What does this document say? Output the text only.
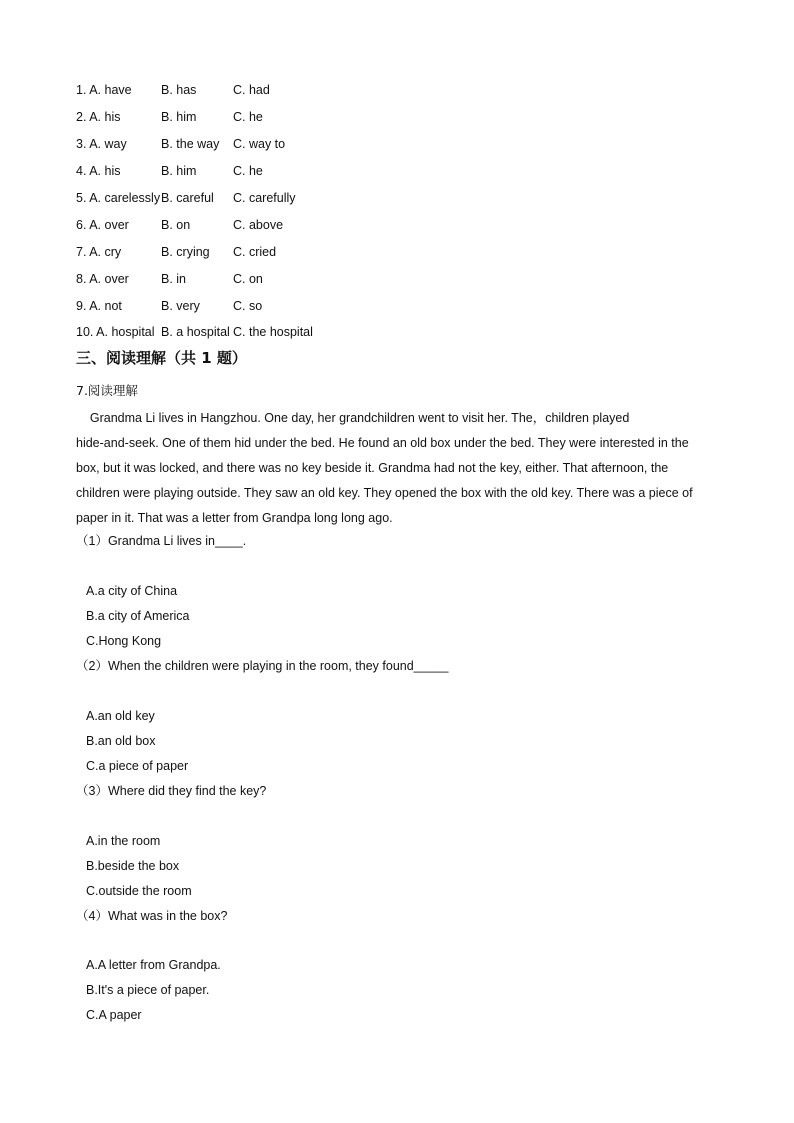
1. A. have B. has	C. had
2. A. his	B. him	C. he
3. A. way	B. the way C. way to
4. A. his	B. him	C. he
5. A. carelessly B. careful C. carefully
6. A. over	B. on	C. above
7. A. cry	B. crying C. cried
8. A. over	B. in	C. on
9. A. not	B. very	C. so
10. A. hospital B. a hospital C. the hospital
三、阅读理解（共 1 题）
7.阅读理解
Grandma Li lives in Hangzhou. One day, her grandchildren went to visit her. The，children played
hide-and-seek. One of them hid under the bed. He found an old box under the bed. They were interested in the
box, but it was locked, and there was no key beside it. Grandma had not the key, either. That afternoon, the
children were playing outside. They saw an old key. They opened the box with the old key. There was a piece of
paper in it. That was a letter from Grandpa long long ago.
（1）Grandma Li lives in____.
A.a city of China
B.a city of America
C.Hong Kong
（2）When the children were playing in the room, they found_____
A.an old key
B.an old box
C.a piece of paper
（3）Where did they find the key?
A.in the room
B.beside the box
C.outside the room
（4）What was in the box?
A.A letter from Grandpa.
B.It's a piece of paper.
C.A paper
